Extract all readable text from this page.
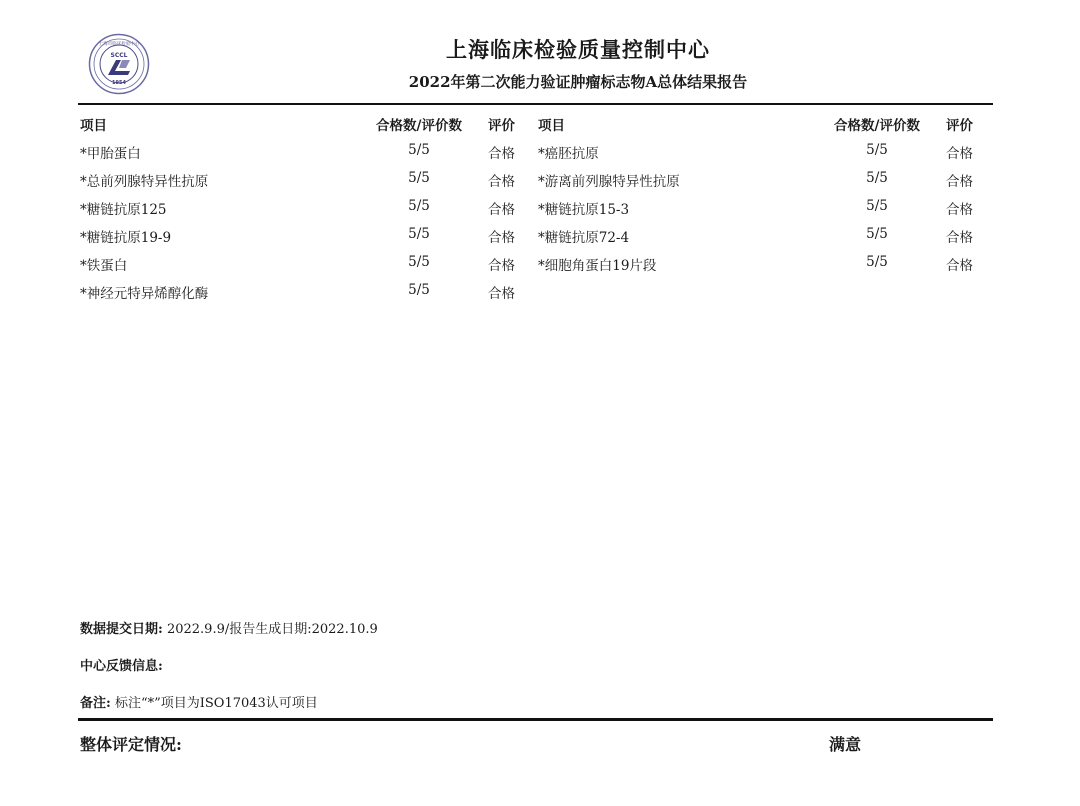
上海市临床检验中心
SCCL
1954
上海临床检验质量控制中心
2022年第二次能力验证肿瘤标志物A总体结果报告
项目	合格数/评价数 评价
*甲胎蛋白	5/5	合格
*总前列腺特异性抗原	5/5	合格
*糖链抗原125	5/5	合格
*糖链抗原19-9	5/5	合格
*铁蛋白	5/5	合格
*神经元特异烯醇化酶	5/5	合格
项目	合格数/评价数 评价
*癌胚抗原	5/5	合格
*游离前列腺特异性抗原	5/5	合格
*糖链抗原15-3	5/5	合格
*糖链抗原72-4	5/5	合格
*细胞角蛋白19片段	5/5	合格
数据提交日期: 2022.9.9/报告生成日期:2022.10.9
中心反馈信息:
备注: 标注“*”项目为ISO17043认可项目
整体评定情况:	满意
